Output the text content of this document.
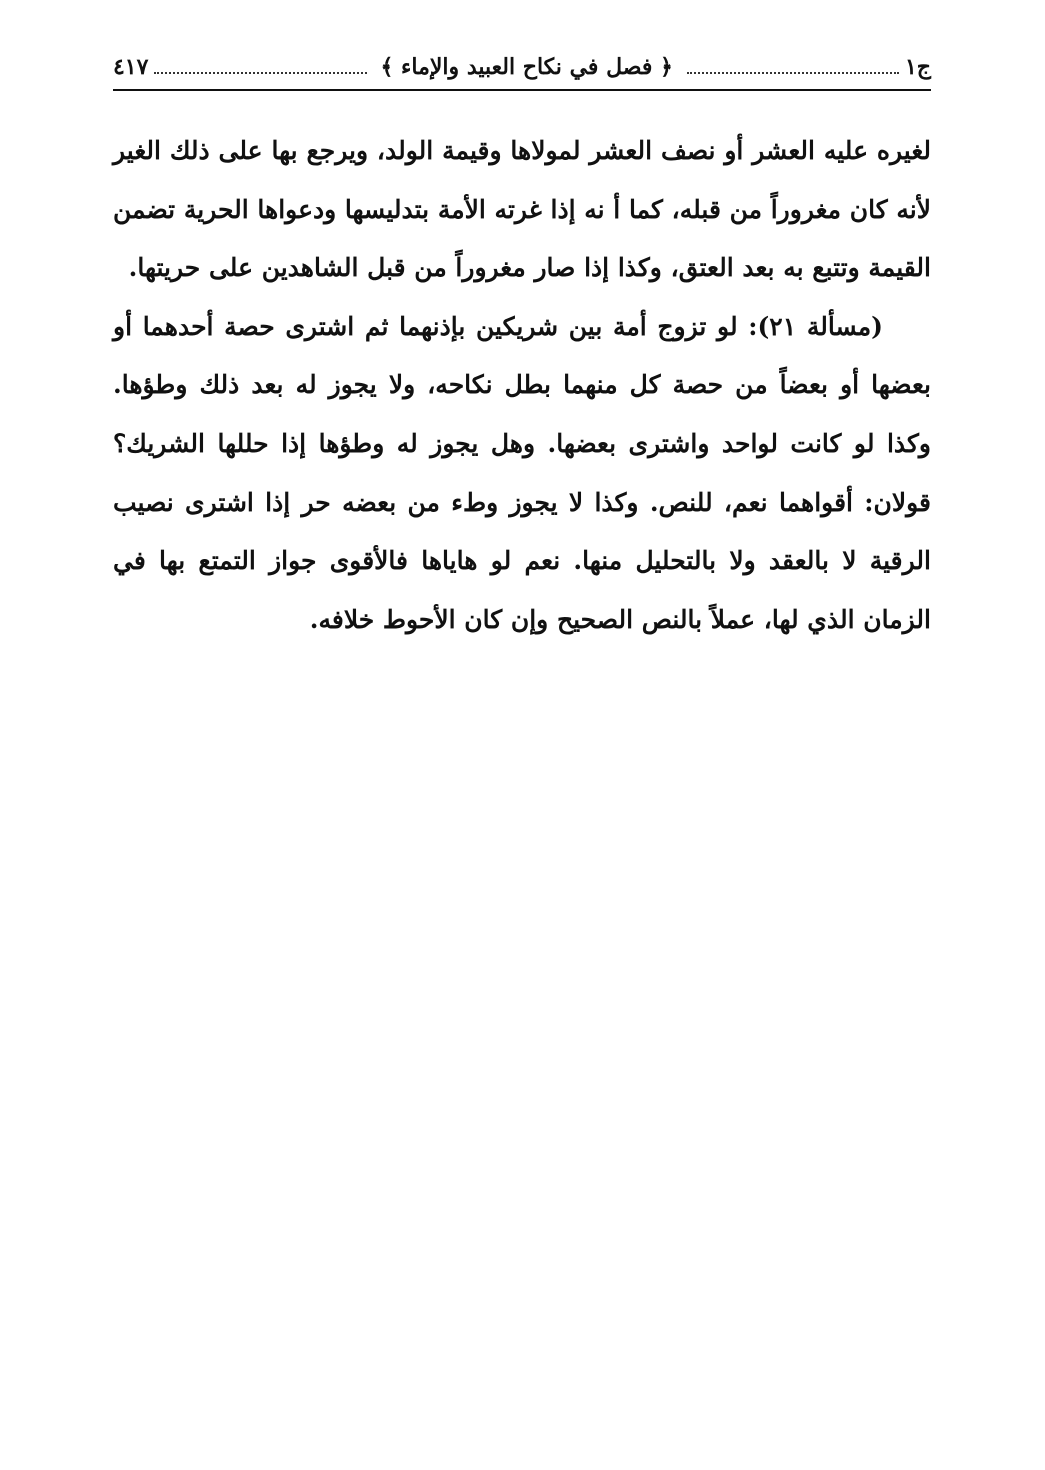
ج١
﴿ فصل في نكاح العبيد والإماء ﴾
٤١٧

لغيره عليه العشر أو نصف العشر لمولاها وقيمة الولد، ويرجع بها على ذلك الغير لأنه كان مغروراً من قبله، كما أ نه إذا غرته الأمة بتدليسها ودعواها الحرية تضمن القيمة وتتبع به بعد العتق، وكذا إذا صار مغروراً من قبل الشاهدين على حريتها.

(مسألة ٢١): لو تزوج أمة بين شريكين بإذنهما ثم اشترى حصة أحدهما أو بعضها أو بعضاً من حصة كل منهما بطل نكاحه، ولا يجوز له بعد ذلك وطؤها. وكذا لو كانت لواحد واشترى بعضها. وهل يجوز له وطؤها إذا حللها الشريك؟ قولان: أقواهما نعم، للنص. وكذا لا يجوز وطء من بعضه حر إذا اشترى نصيب الرقية لا بالعقد ولا بالتحليل منها. نعم لو هاياها فالأقوى جواز التمتع بها في الزمان الذي لها، عملاً بالنص الصحيح وإن كان الأحوط خلافه.
